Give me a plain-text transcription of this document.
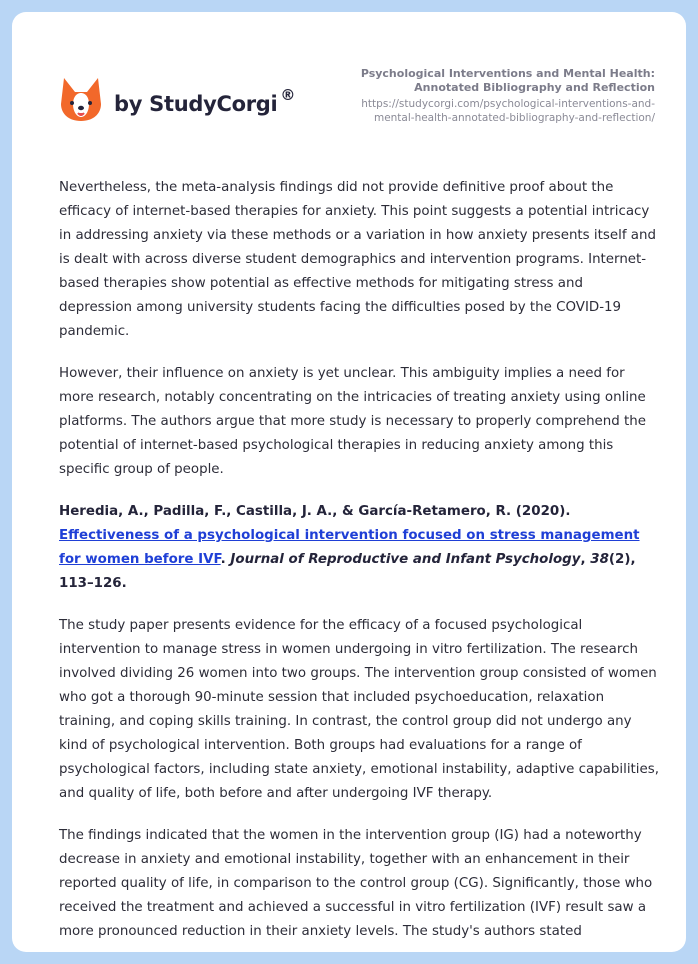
by StudyCorgi ®
Psychological Interventions and Mental Health:
Annotated Bibliography and Reflection
https://studycorgi.com/psychological-interventions-and-
mental-health-annotated-bibliography-and-reflection/

Nevertheless, the meta-analysis findings did not provide definitive proof about the efficacy of internet-based therapies for anxiety. This point suggests a potential intricacy in addressing anxiety via these methods or a variation in how anxiety presents itself and is dealt with across diverse student demographics and intervention programs. Internet-based therapies show potential as effective methods for mitigating stress and depression among university students facing the difficulties posed by the COVID-19 pandemic.

However, their influence on anxiety is yet unclear. This ambiguity implies a need for more research, notably concentrating on the intricacies of treating anxiety using online platforms. The authors argue that more study is necessary to properly comprehend the potential of internet-based psychological therapies in reducing anxiety among this specific group of people.

Heredia, A., Padilla, F., Castilla, J. A., & García-Retamero, R. (2020). Effectiveness of a psychological intervention focused on stress management for women before IVF. Journal of Reproductive and Infant Psychology, 38(2), 113–126.

The study paper presents evidence for the efficacy of a focused psychological intervention to manage stress in women undergoing in vitro fertilization. The research involved dividing 26 women into two groups. The intervention group consisted of women who got a thorough 90-minute session that included psychoeducation, relaxation training, and coping skills training. In contrast, the control group did not undergo any kind of psychological intervention. Both groups had evaluations for a range of psychological factors, including state anxiety, emotional instability, adaptive capabilities, and quality of life, both before and after undergoing IVF therapy.

The findings indicated that the women in the intervention group (IG) had a noteworthy decrease in anxiety and emotional instability, together with an enhancement in their reported quality of life, in comparison to the control group (CG). Significantly, those who received the treatment and achieved a successful in vitro fertilization (IVF) result saw a more pronounced reduction in their anxiety levels. The study's authors stated
